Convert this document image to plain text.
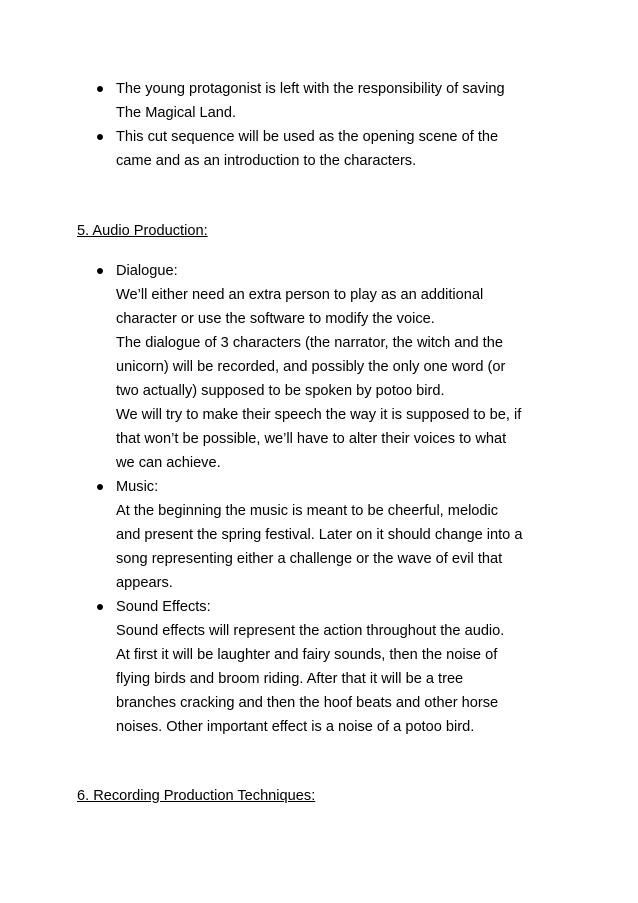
The young protagonist is left with the responsibility of saving
The Magical Land.
This cut sequence will be used as the opening scene of the
came and as an introduction to the characters.
5. Audio Production:
Dialogue:
We’ll either need an extra person to play as an additional
character or use the software to modify the voice.
The dialogue of 3 characters (the narrator, the witch and the
unicorn) will be recorded, and possibly the only one word (or
two actually) supposed to be spoken by potoo bird.
We will try to make their speech the way it is supposed to be, if
that won’t be possible, we’ll have to alter their voices to what
we can achieve.
Music:
At the beginning the music is meant to be cheerful, melodic
and present the spring festival. Later on it should change into a
song representing either a challenge or the wave of evil that
appears.
Sound Effects:
Sound effects will represent the action throughout the audio.
At first it will be laughter and fairy sounds, then the noise of
flying birds and broom riding. After that it will be a tree
branches cracking and then the hoof beats and other horse
noises. Other important effect is a noise of a potoo bird.
6. Recording Production Techniques:
